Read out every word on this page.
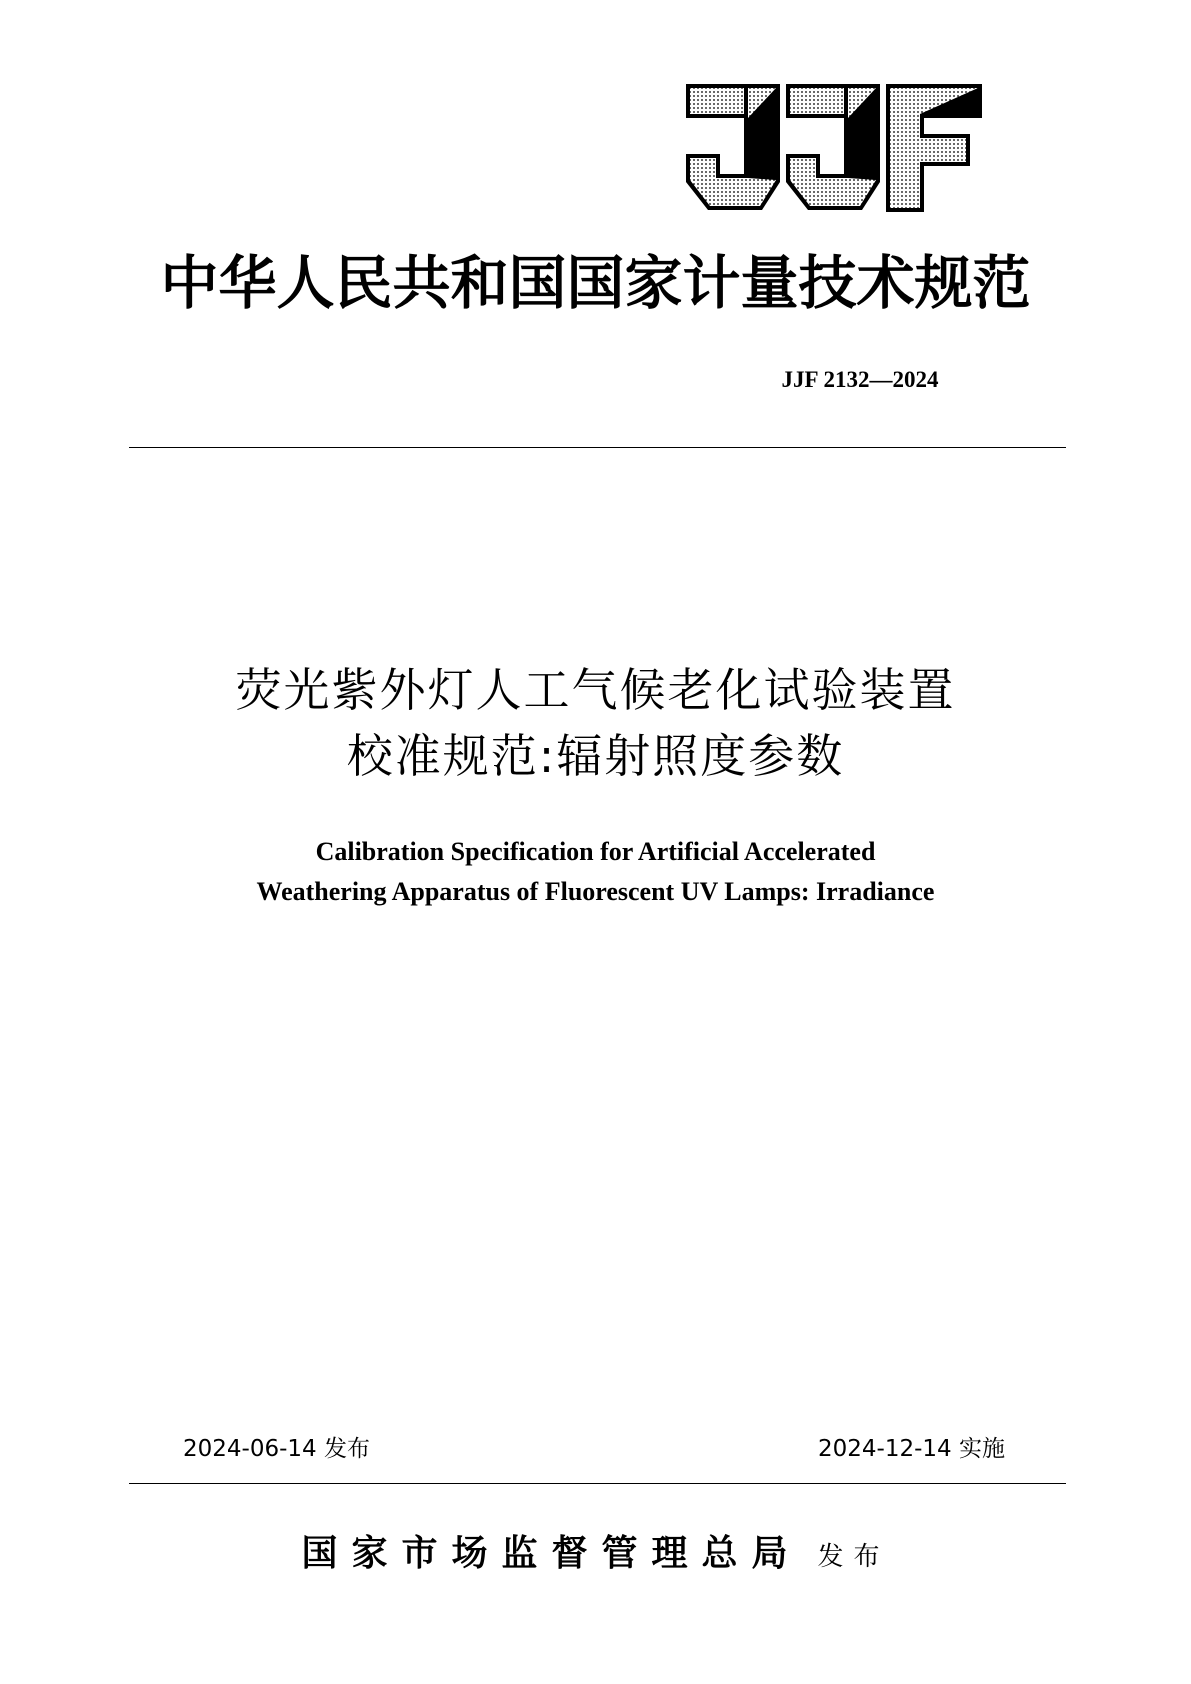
中华人民共和国国家计量技术规范
JJF 2132—2024
荧光紫外灯人工气候老化试验装置
校准规范:辐射照度参数
Calibration Specification for Artificial Accelerated
Weathering Apparatus of Fluorescent UV Lamps: Irradiance
2024-06-14 发布	2024-12-14 实施
国家市场监督管理总局 发布
